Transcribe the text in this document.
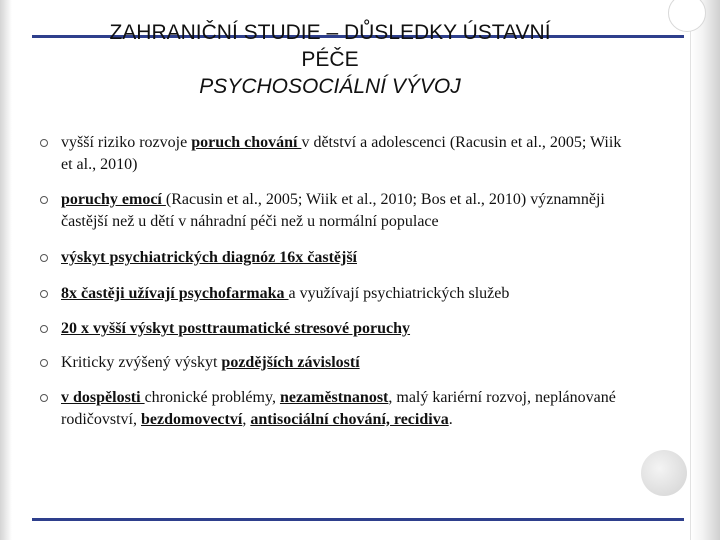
ZAHRANIČNÍ STUDIE – DŮSLEDKY ÚSTAVNÍ
PÉČE
PSYCHOSOCIÁLNÍ VÝVOJ
vyšší riziko rozvoje poruch chování v dětství a adolescenci (Racusin et al., 2005; Wiik et al., 2010)
poruchy emocí (Racusin et al., 2005; Wiik et al., 2010; Bos et al., 2010) významněji častější než u dětí v náhradní péči než u normální populace
výskyt psychiatrických diagnóz 16x častější
8x častěji užívají psychofarmaka a využívají psychiatrických služeb
20 x vyšší výskyt posttraumatické stresové poruchy
Kriticky zvýšený výskyt pozdějších závislostí
v dospělosti chronické problémy, nezaměstnanost, malý kariérní rozvoj, neplánované rodičovství, bezdomovectví, antisociální chování, recidiva.
